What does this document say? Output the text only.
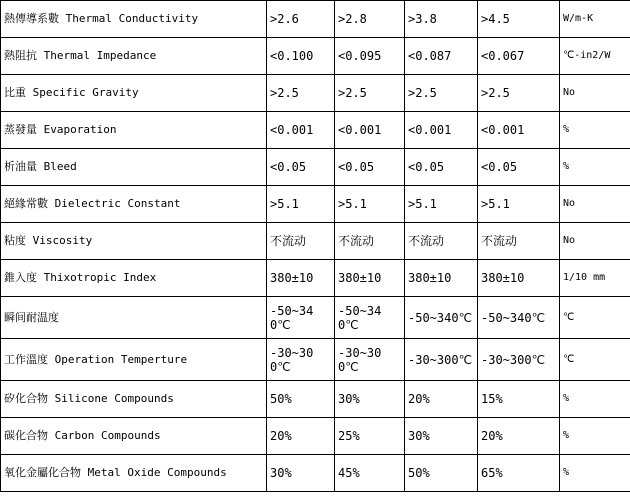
熱傳導系數 Thermal Conductivity	>2.6	>2.8	>3.8	>4.5	W/m-K
熱阻抗 Thermal Impedance	<0.100	<0.095	<0.087	<0.067	℃-in2/W
比重 Specific Gravity	>2.5	>2.5	>2.5	>2.5	No
蒸發量 Evaporation	<0.001	<0.001	<0.001	<0.001	%
析油量 Bleed	<0.05	<0.05	<0.05	<0.05	%
絕緣常數 Dielectric Constant	>5.1	>5.1	>5.1	>5.1	No
粘度 Viscosity	不流动	不流动	不流动	不流动	No
錐入度 Thixotropic Index	380±10	380±10	380±10	380±10	1/10 mm
瞬间耐温度	-50~340℃	-50~340℃	-50~340℃	-50~340℃	℃
工作溫度 Operation Temperture	-30~300℃	-30~300℃	-30~300℃	-30~300℃	℃
矽化合物 Silicone Compounds	50%	30%	20%	15%	%
碳化合物 Carbon Compounds	20%	25%	30%	20%	%
氧化金屬化合物 Metal Oxide Compounds	30%	45%	50%	65%	%
